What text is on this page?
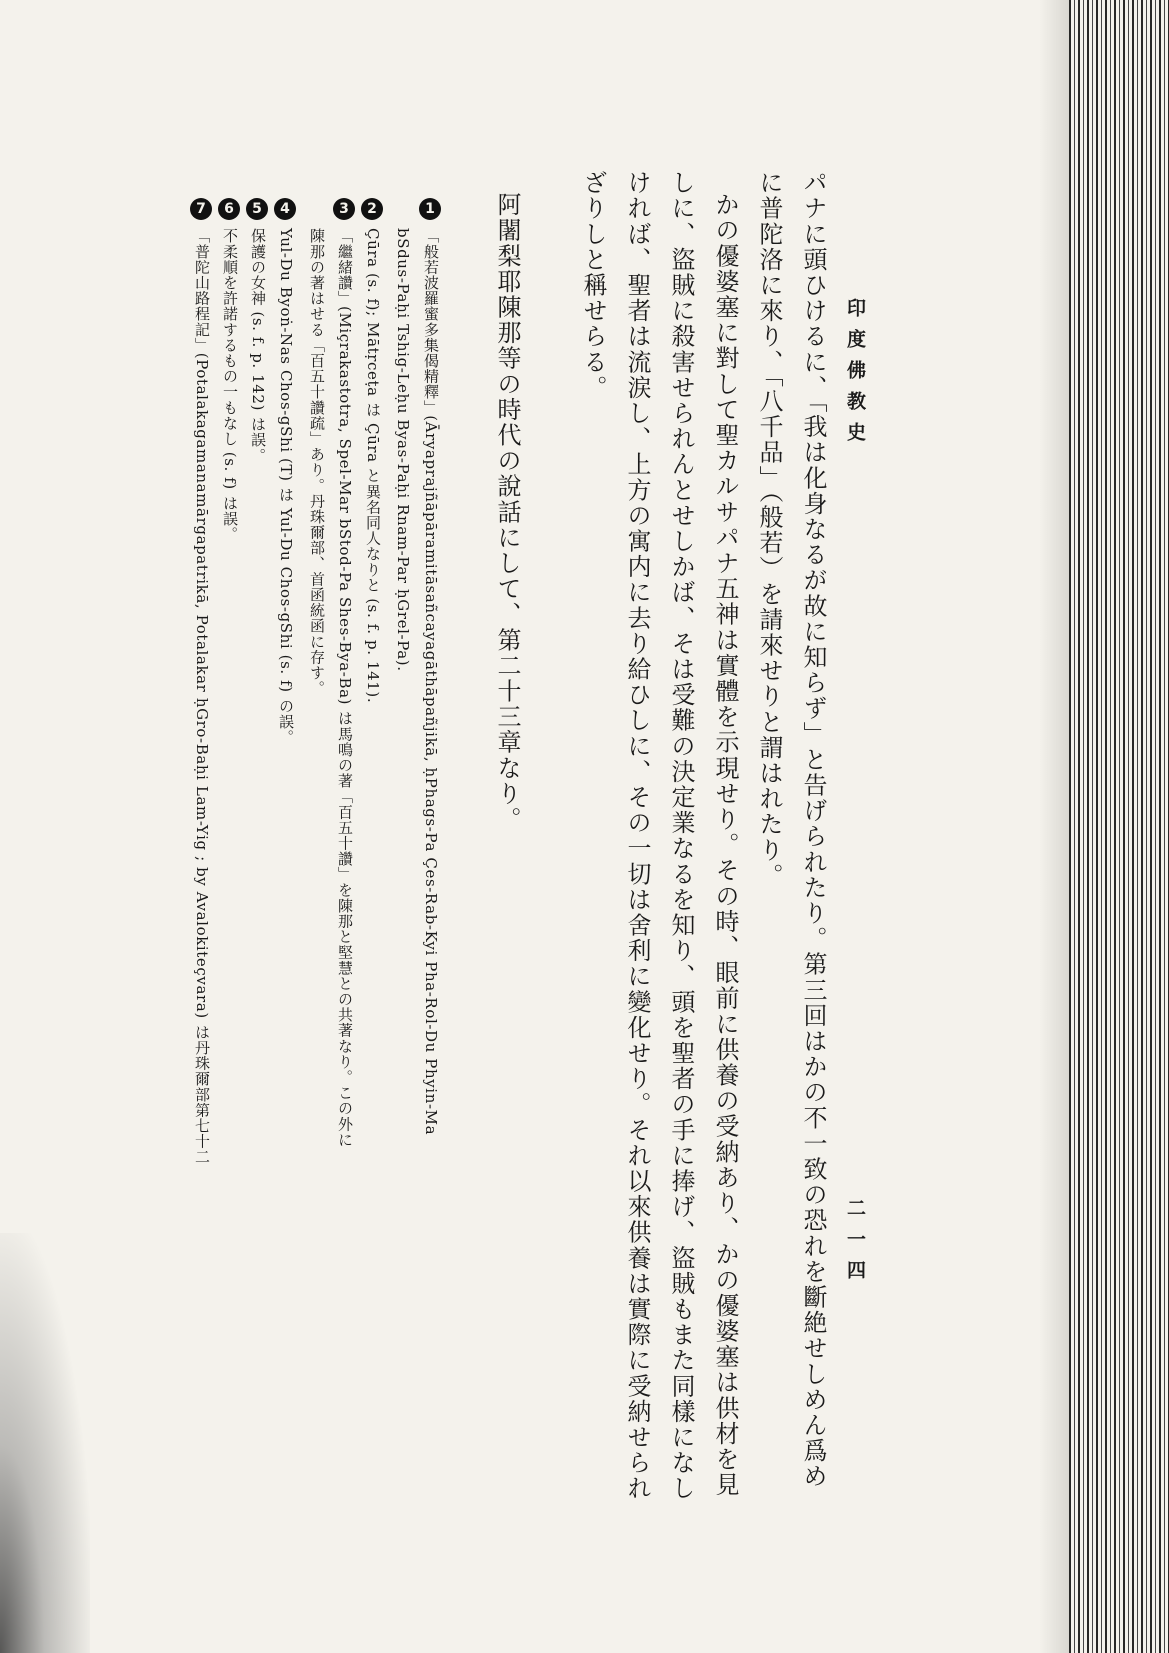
印度佛教史
二一四
パナに頭ひけるに、「我は化身なるが故に知らず」と告げられたり。第三回はかの不一致の恐れを斷絶せしめん爲め
に普陀洛に來り、「八千品」（般若）を請來せりと謂はれたり。
かの優婆塞に對して聖カルサパナ五神は實體を示現せり。その時、眼前に供養の受納あり、かの優婆塞は供材を見
しに、盜賊に殺害せられんとせしかば、そは受難の決定業なるを知り、頭を聖者の手に捧げ、盜賊もまた同樣になし
ければ、聖者は流涙し、上方の寓内に去り給ひしに、その一切は舍利に變化せり。それ以來供養は實際に受納せられ
ざりしと稱せらる。
阿闍梨耶陳那等の時代の說話にして、第二十三章なり。
1
「般若波羅蜜多集偈精釋」(Āryaprajñāpāramitāsañcayagāthāpañjikā, ḥPhags-Pa Çes-Rab-Kyi Pha-Rol-Du Phyin-Ma
bSdus-Paḥi Tshig-Leḥu Byas-Paḥi Rnam-Par ḥGrel-Pa).
2
Çūra (s. f); Mātṛceṭa は Çūra と異名同人なりと (s. f. p. 141).
3
「繼緒讚」(Miçrakastotra, Spel-Mar bStod-Pa Shes-Bya-Ba) は馬鳴の著「百五十讚」を陳那と堅慧との共著なり。この外に
陳那の著はせる「百五十讚疏」あり。丹珠爾部、首函統函に存す。
4
Yul-Du Byoṅ-Nas Chos-gShi (T) は Yul-Du Chos-gShi (s. f) の誤。
5
保護の女神 (s. f. p. 142) は誤。
6
不柔順を許諾するもの一もなし (s. f) は誤。
7
「普陀山路程記」(Potalakagamanamārgapatrikā, Potalakar ḥGro-Baḥi Lam-Yig ; by Avalokiteçvara) は丹珠爾部第七十二
